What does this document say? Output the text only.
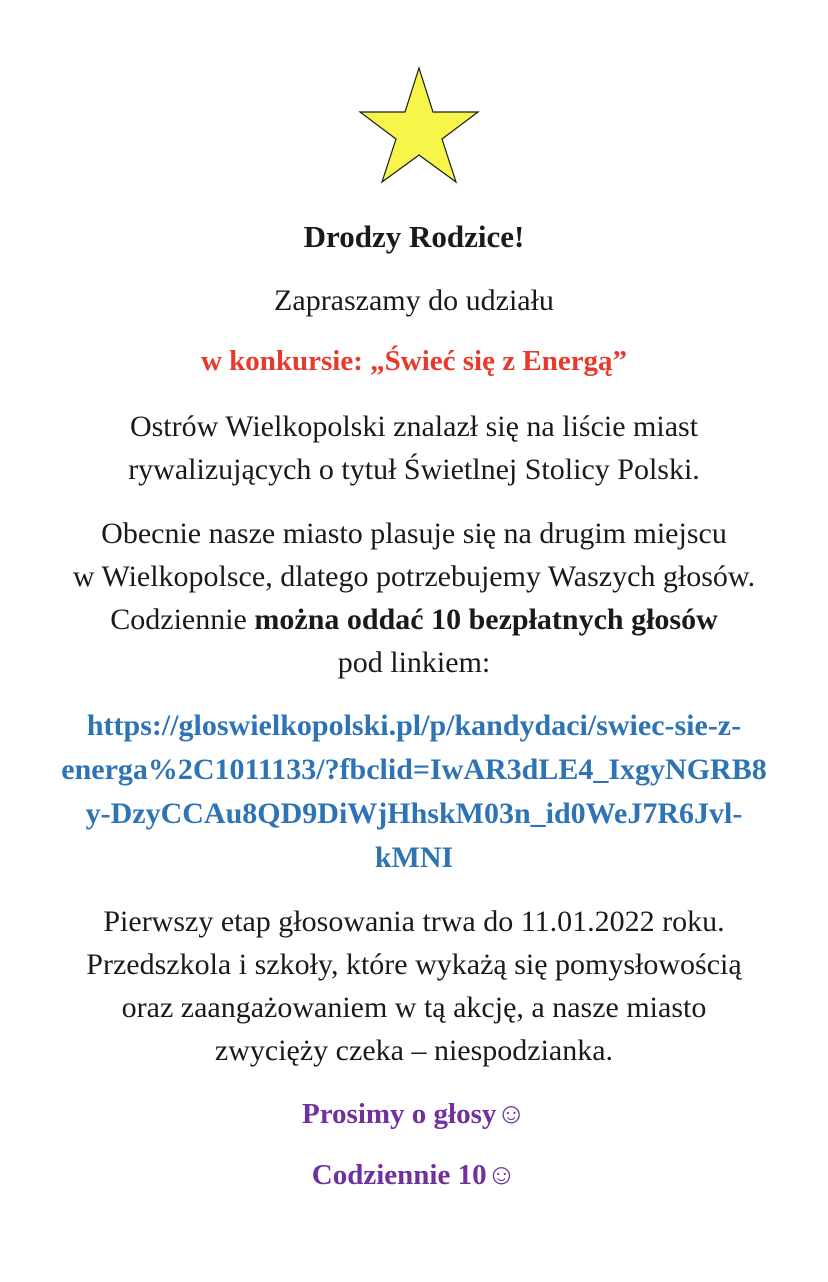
Drodzy Rodzice!
Zapraszamy do udziału
w konkursie: „Świeć się z Energą”
Ostrów Wielkopolski znalazł się na liście miast
rywalizujących o tytuł Świetlnej Stolicy Polski.
Obecnie nasze miasto plasuje się na drugim miejscu
w Wielkopolsce, dlatego potrzebujemy Waszych głosów.
Codziennie można oddać 10 bezpłatnych głosów
pod linkiem:
https://gloswielkopolski.pl/p/kandydaci/swiec-sie-z-
energa%2C1011133/?fbclid=IwAR3dLE4_IxgyNGRB8
y-DzyCCAu8QD9DiWjHhskM03n_id0WeJ7R6Jvl-
kMNI
Pierwszy etap głosowania trwa do 11.01.2022 roku.
Przedszkola i szkoły, które wykażą się pomysłowością
oraz zaangażowaniem w tą akcję, a nasze miasto
zwycięży czeka – niespodzianka.
Prosimy o głosy☺
Codziennie 10☺
